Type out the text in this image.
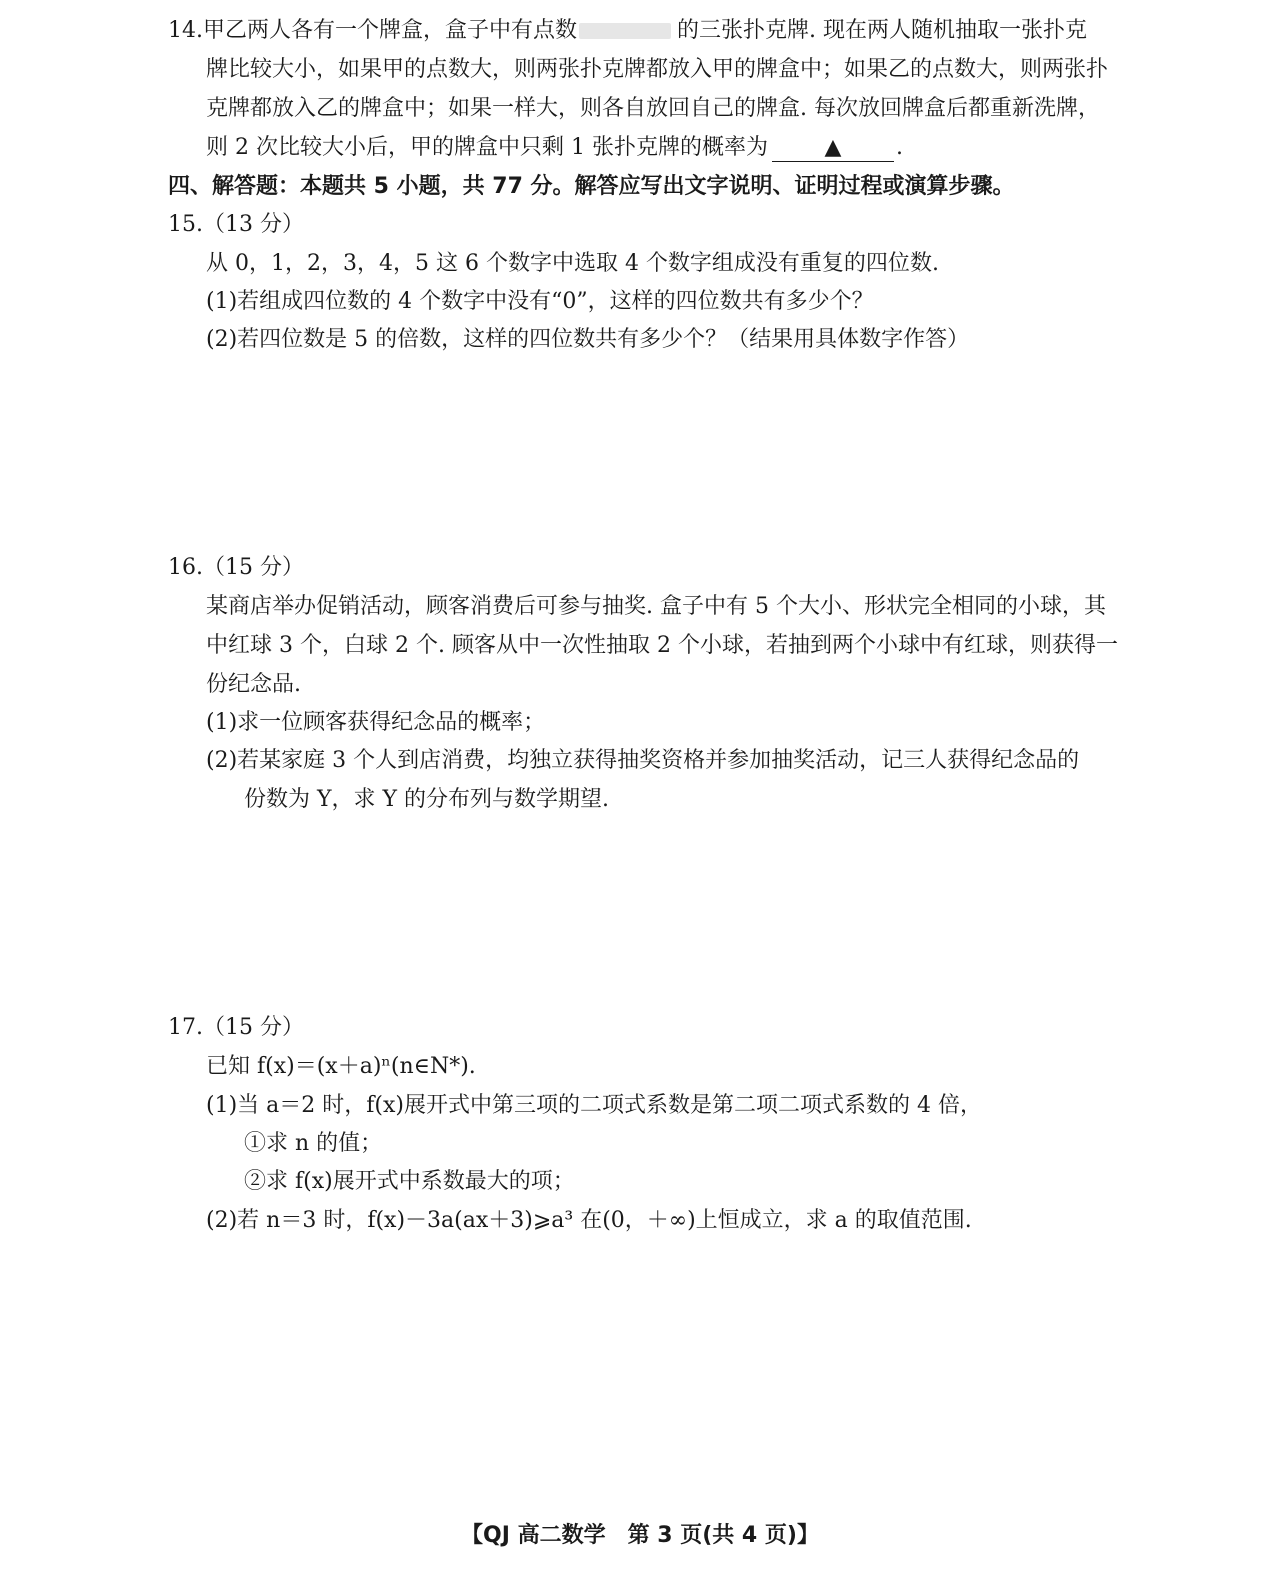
14.甲乙两人各有一个牌盒，盒子中有点数	的三张扑克牌. 现在两人随机抽取一张扑克
牌比较大小，如果甲的点数大，则两张扑克牌都放入甲的牌盒中；如果乙的点数大，则两张扑
克牌都放入乙的牌盒中；如果一样大，则各自放回自己的牌盒. 每次放回牌盒后都重新洗牌，
则 2 次比较大小后，甲的牌盒中只剩 1 张扑克牌的概率为	▲ .
四、解答题：本题共 5 小题，共 77 分。解答应写出文字说明、证明过程或演算步骤。
15.（13 分）
从 0，1，2，3，4，5 这 6 个数字中选取 4 个数字组成没有重复的四位数.
(1)若组成四位数的 4 个数字中没有“0”，这样的四位数共有多少个？
(2)若四位数是 5 的倍数，这样的四位数共有多少个？（结果用具体数字作答）
16.（15 分）
某商店举办促销活动，顾客消费后可参与抽奖. 盒子中有 5 个大小、形状完全相同的小球，其
中红球 3 个，白球 2 个. 顾客从中一次性抽取 2 个小球，若抽到两个小球中有红球，则获得一
份纪念品.
(1)求一位顾客获得纪念品的概率；
(2)若某家庭 3 个人到店消费，均独立获得抽奖资格并参加抽奖活动，记三人获得纪念品的
份数为 Y，求 Y 的分布列与数学期望.
17.（15 分）
已知 f(x)＝(x＋a)ⁿ(n∈N*).
(1)当 a＝2 时，f(x)展开式中第三项的二项式系数是第二项二项式系数的 4 倍，
①求 n 的值；
②求 f(x)展开式中系数最大的项；
(2)若 n＝3 时，f(x)－3a(ax＋3)⩾a³ 在(0，＋∞)上恒成立，求 a 的取值范围.
【QJ 高二数学　第 3 页(共 4 页)】
